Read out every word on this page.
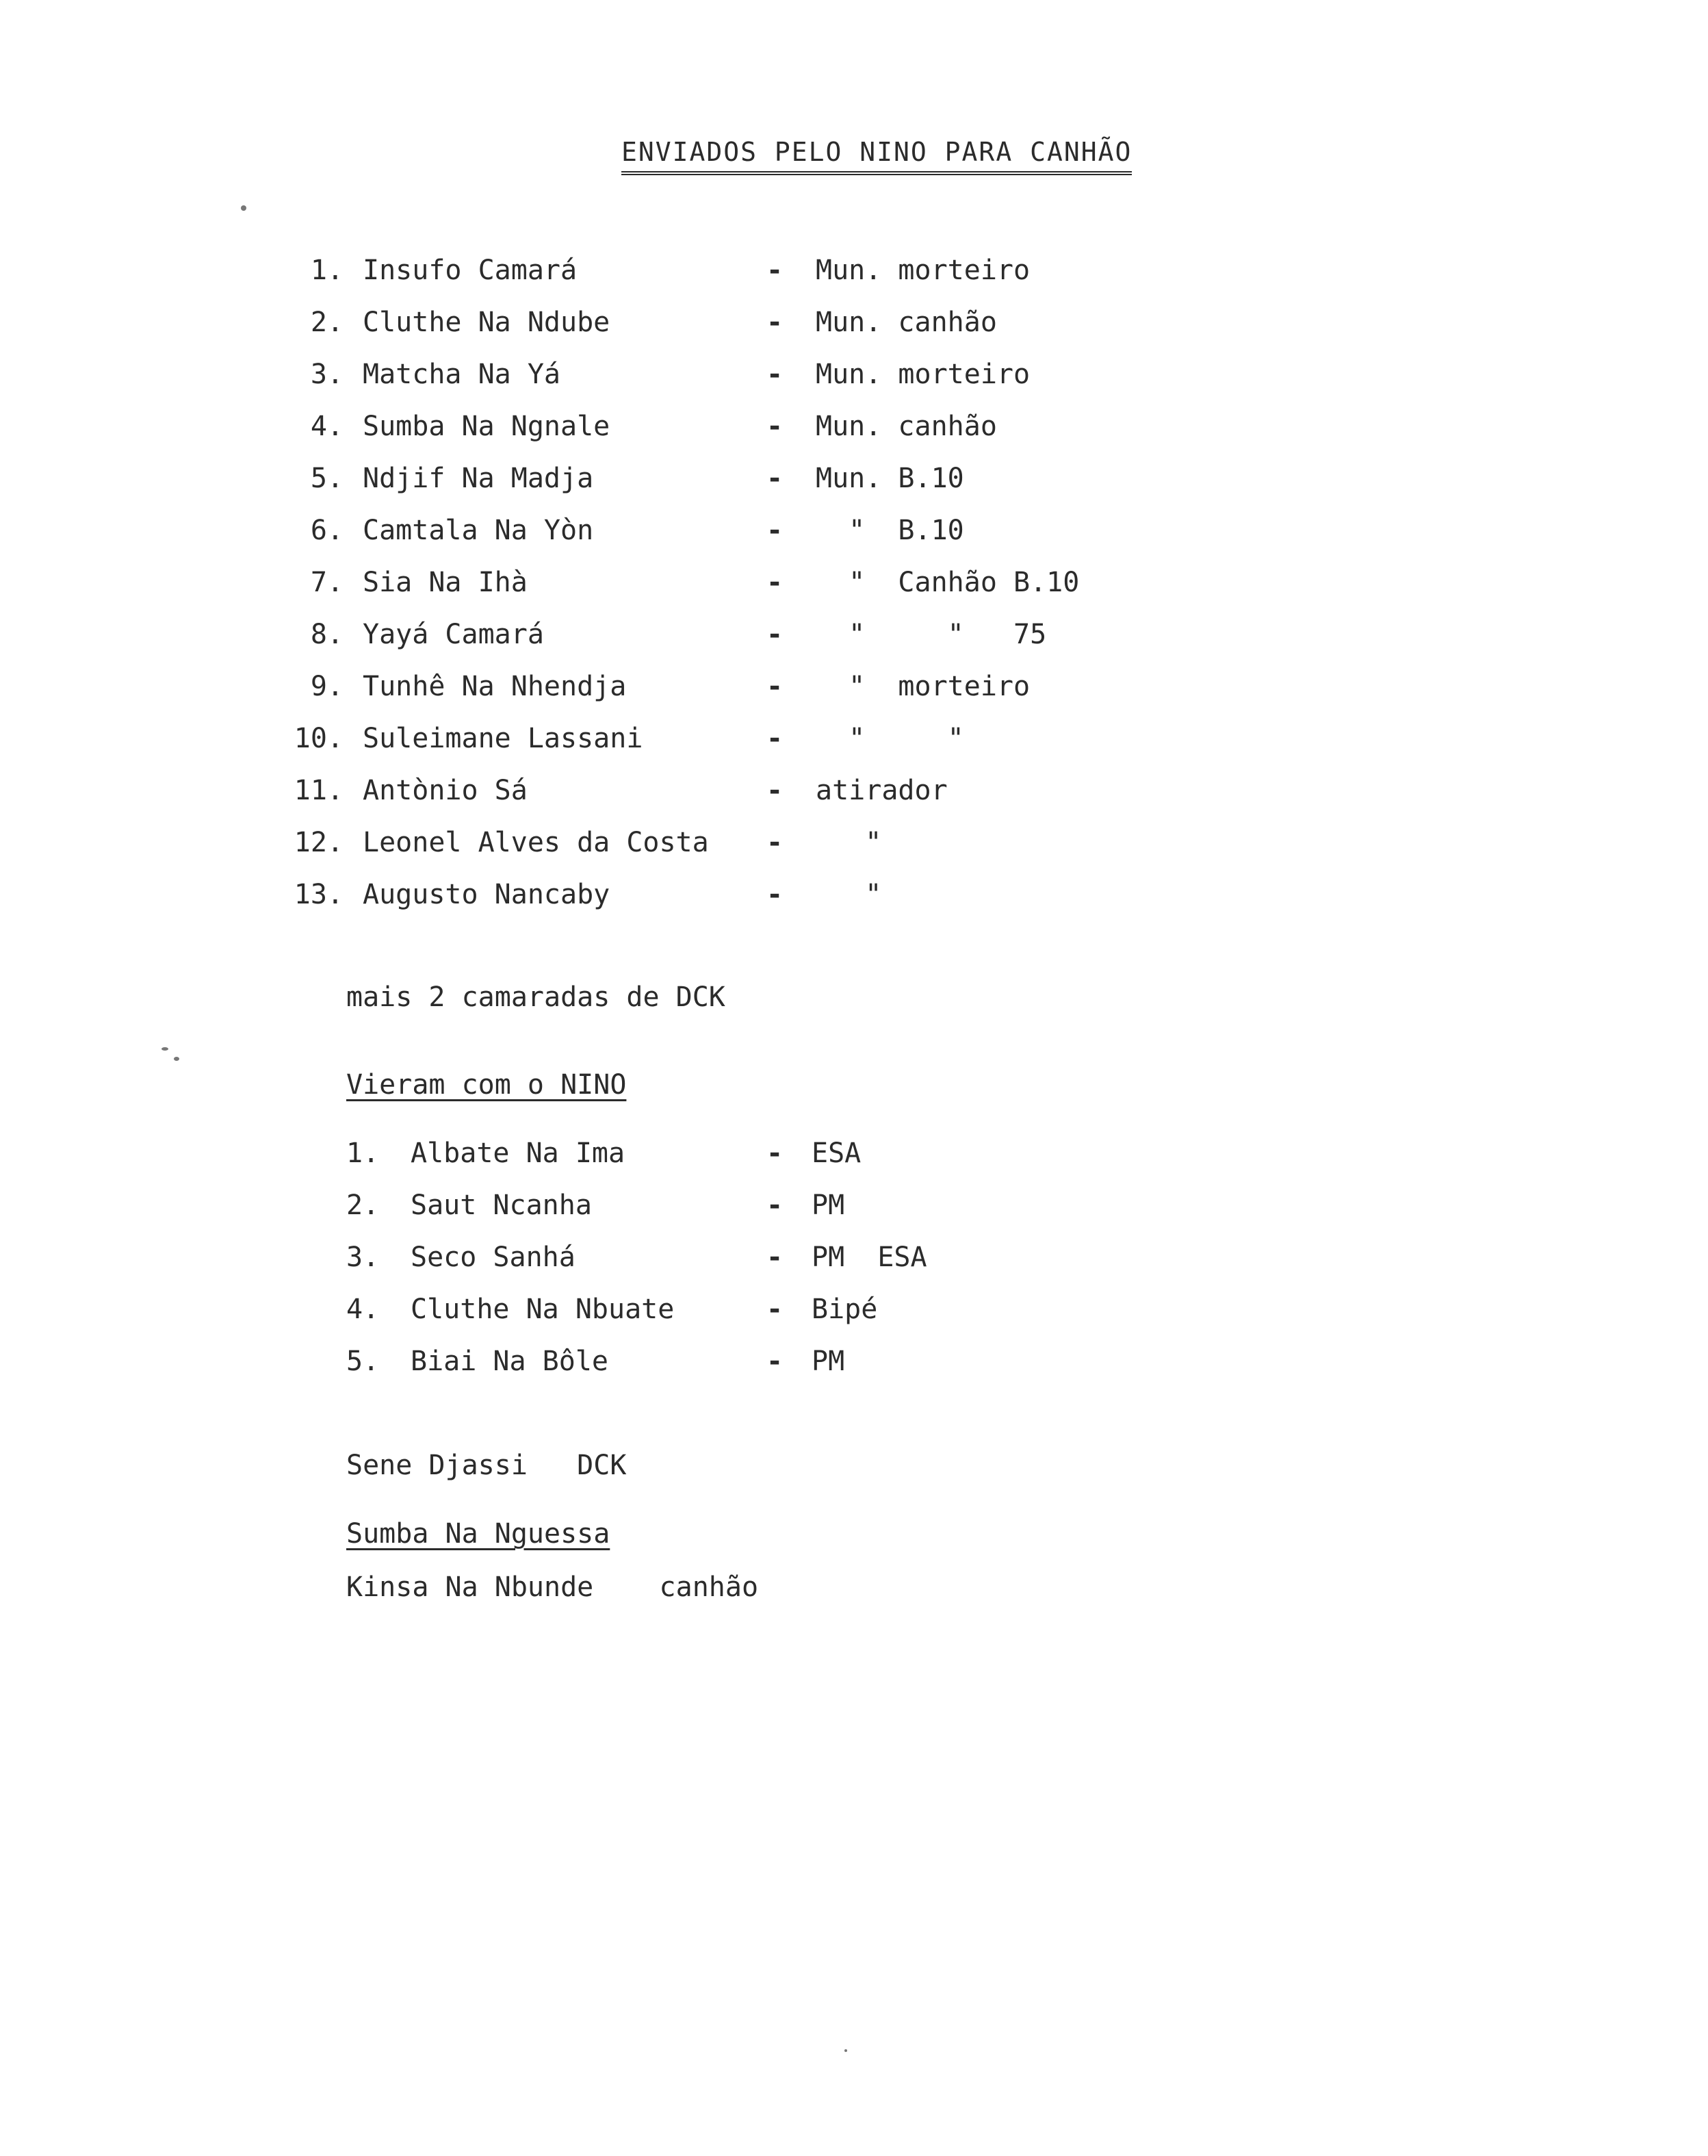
ENVIADOS PELO NINO PARA CANHÃO
1. Insufo Camará	- Mun. morteiro
2. Cluthe Na Ndube	- Mun. canhão
3. Matcha Na Yá	- Mun. morteiro
4. Sumba Na Ngnale	- Mun. canhão
5. Ndjif Na Madja	- Mun. B.10
6. Camtala Na Yòn	- "  B.10
7. Sia Na Ihà	- "  Canhão B.10
8. Yayá Camará	- "     "   75
9. Tunhê Na Nhendja	- "  morteiro
10. Suleimane Lassani	- "     "
11. Antònio Sá	- atirador
12. Leonel Alves da Costa - "
13. Augusto Nancaby	- "
mais 2 camaradas de DCK
Vieram com o NINO
1. Albate Na Ima	- ESA
2. Saut Ncanha	- PM
3. Seco Sanhá	- PM  ESA
4. Cluthe Na Nbuate	- Bipé
5. Biai Na Bôle	- PM
Sene Djassi   DCK
Sumba Na Nguessa
Kinsa Na Nbunde    canhão
